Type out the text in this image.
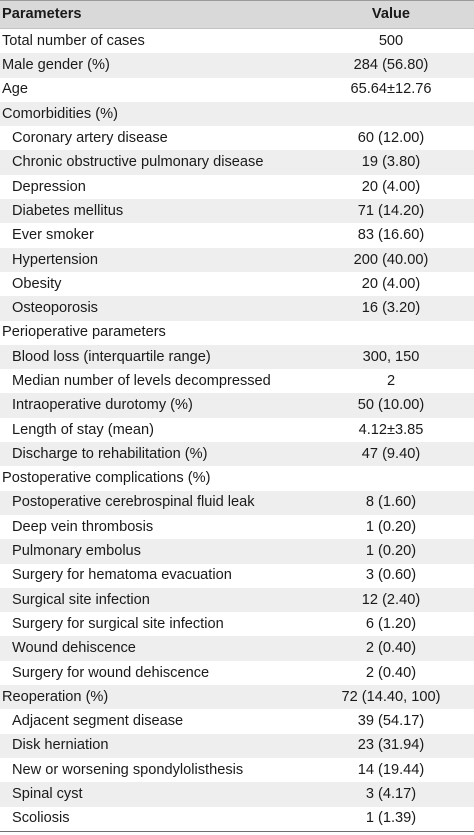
Parameters	Value
Total number of cases	500
Male gender (%)	284 (56.80)
Age	65.64±12.76
Comorbidities (%)
Coronary artery disease	60 (12.00)
Chronic obstructive pulmonary disease	19 (3.80)
Depression	20 (4.00)
Diabetes mellitus	71 (14.20)
Ever smoker	83 (16.60)
Hypertension	200 (40.00)
Obesity	20 (4.00)
Osteoporosis	16 (3.20)
Perioperative parameters
Blood loss (interquartile range)	300, 150
Median number of levels decompressed	2
Intraoperative durotomy (%)	50 (10.00)
Length of stay (mean)	4.12±3.85
Discharge to rehabilitation (%)	47 (9.40)
Postoperative complications (%)
Postoperative cerebrospinal fluid leak	8 (1.60)
Deep vein thrombosis	1 (0.20)
Pulmonary embolus	1 (0.20)
Surgery for hematoma evacuation	3 (0.60)
Surgical site infection	12 (2.40)
Surgery for surgical site infection	6 (1.20)
Wound dehiscence	2 (0.40)
Surgery for wound dehiscence	2 (0.40)
Reoperation (%)	72 (14.40, 100)
Adjacent segment disease	39 (54.17)
Disk herniation	23 (31.94)
New or worsening spondylolisthesis	14 (19.44)
Spinal cyst	3 (4.17)
Scoliosis	1 (1.39)
